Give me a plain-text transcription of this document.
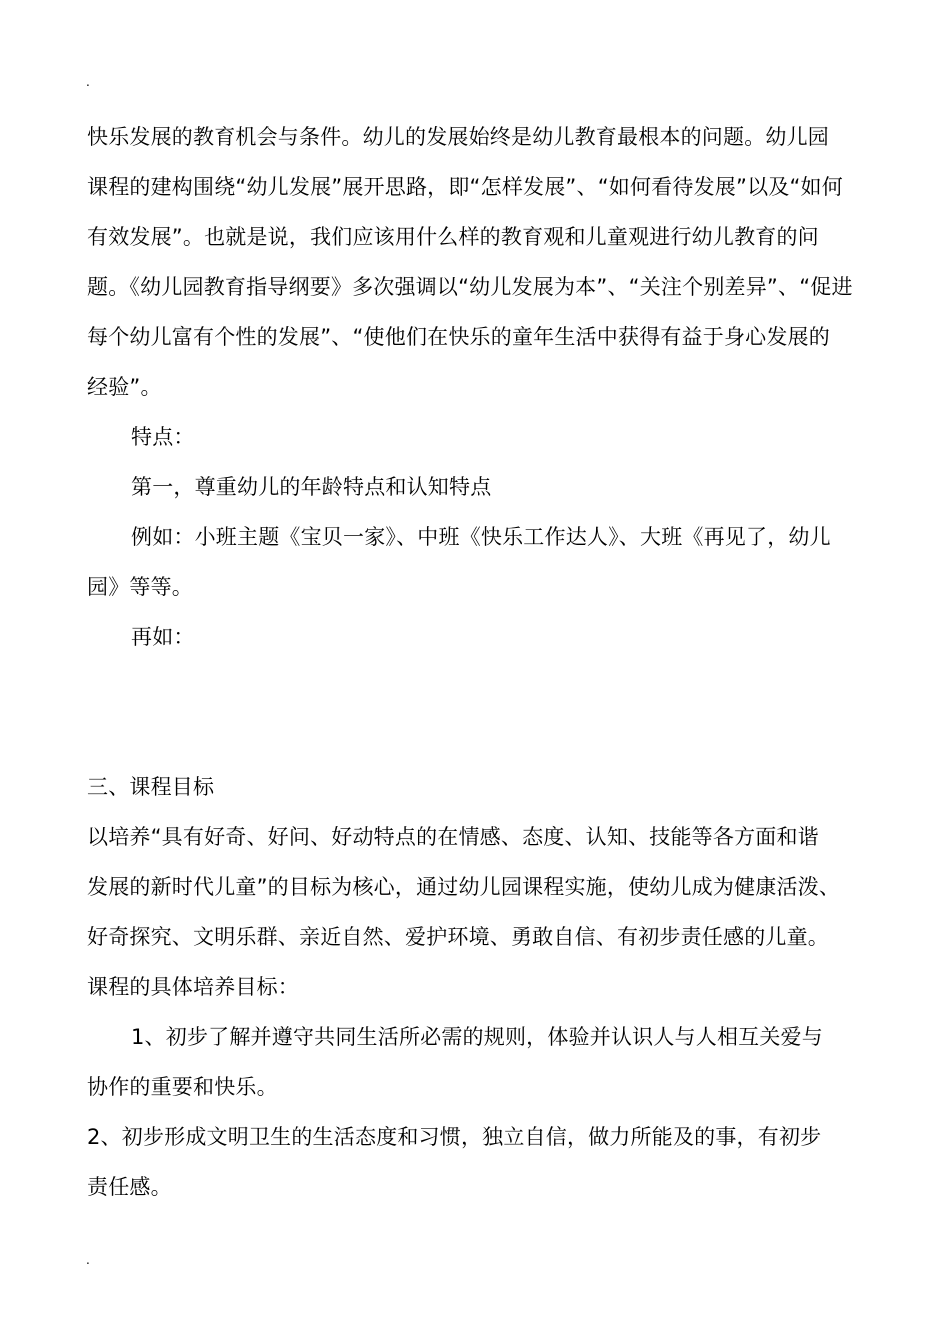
.
快乐发展的教育机会与条件。幼儿的发展始终是幼儿教育最根本的问题。幼儿园
课程的建构围绕“幼儿发展”展开思路，即“怎样发展”、“如何看待发展”以及“如何
有效发展”。也就是说，我们应该用什么样的教育观和儿童观进行幼儿教育的问
题。《幼儿园教育指导纲要》多次强调以“幼儿发展为本”、“关注个别差异”、“促进
每个幼儿富有个性的发展”、“使他们在快乐的童年生活中获得有益于身心发展的
经验”。
特点：
第一，尊重幼儿的年龄特点和认知特点
例如：小班主题《宝贝一家》、中班《快乐工作达人》、大班《再见了，幼儿
园》等等。
再如：
三、课程目标
以培养“具有好奇、好问、好动特点的在情感、态度、认知、技能等各方面和谐
发展的新时代儿童”的目标为核心，通过幼儿园课程实施，使幼儿成为健康活泼、
好奇探究、文明乐群、亲近自然、爱护环境、勇敢自信、有初步责任感的儿童。
课程的具体培养目标：
1、初步了解并遵守共同生活所必需的规则，体验并认识人与人相互关爱与
协作的重要和快乐。
2、初步形成文明卫生的生活态度和习惯，独立自信，做力所能及的事，有初步
责任感。
.
